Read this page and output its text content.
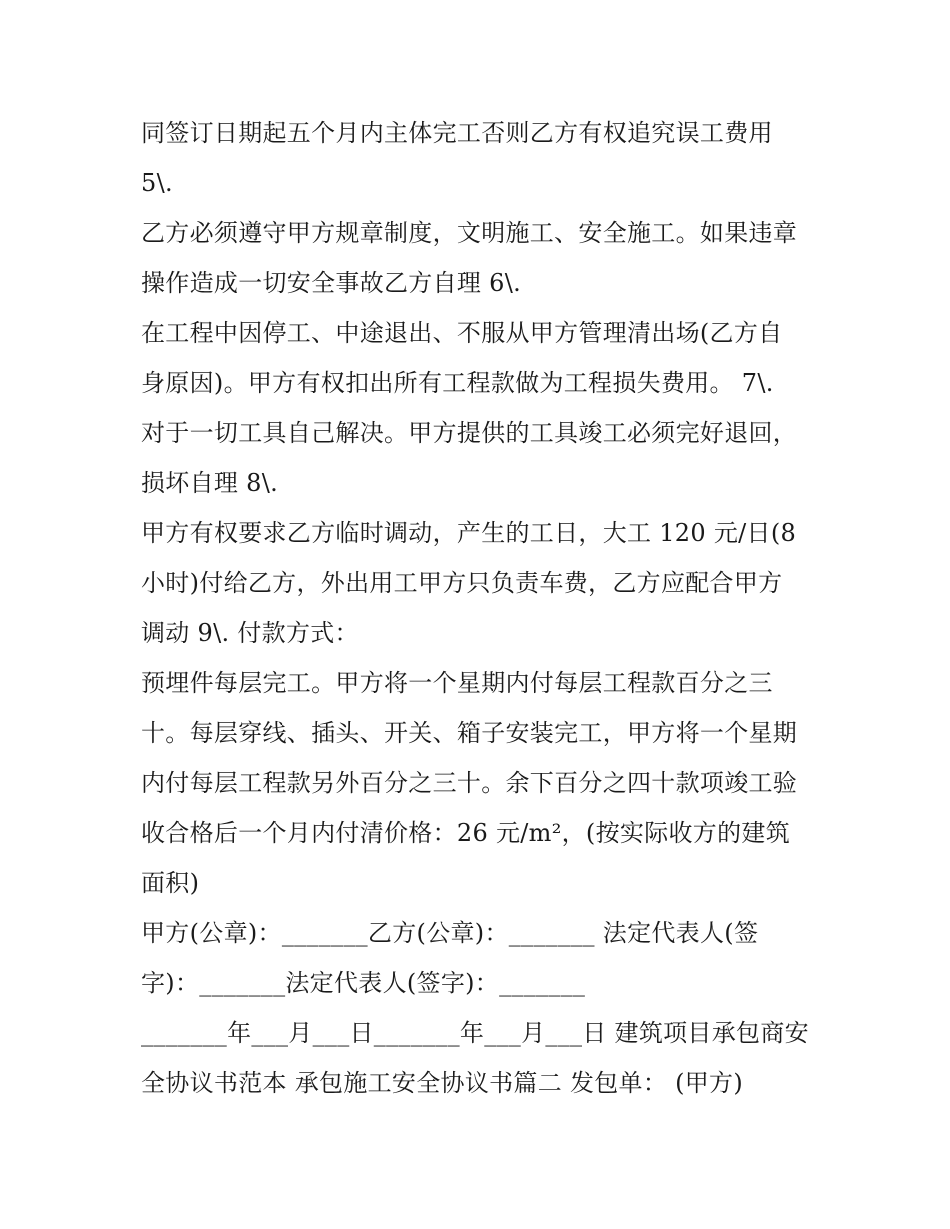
同签订日期起五个月内主体完工否则乙方有权追究误工费用
5\.
乙方必须遵守甲方规章制度，文明施工、安全施工。如果违章
操作造成一切安全事故乙方自理 6\.
在工程中因停工、中途退出、不服从甲方管理清出场(乙方自
身原因)。甲方有权扣出所有工程款做为工程损失费用。 7\.
对于一切工具自己解决。甲方提供的工具竣工必须完好退回，
损坏自理 8\.
甲方有权要求乙方临时调动，产生的工日，大工 120 元/日(8
小时)付给乙方，外出用工甲方只负责车费，乙方应配合甲方
调动 9\. 付款方式：
预埋件每层完工。甲方将一个星期内付每层工程款百分之三
十。每层穿线、插头、开关、箱子安装完工，甲方将一个星期
内付每层工程款另外百分之三十。余下百分之四十款项竣工验
收合格后一个月内付清价格：26 元/m²，(按实际收方的建筑
面积)
甲方(公章)：_______乙方(公章)：_______ 法定代表人(签
字)：_______法定代表人(签字)：_______
_______年___月___日_______年___月___日 建筑项目承包商安
全协议书范本 承包施工安全协议书篇二 发包单： (甲方)
